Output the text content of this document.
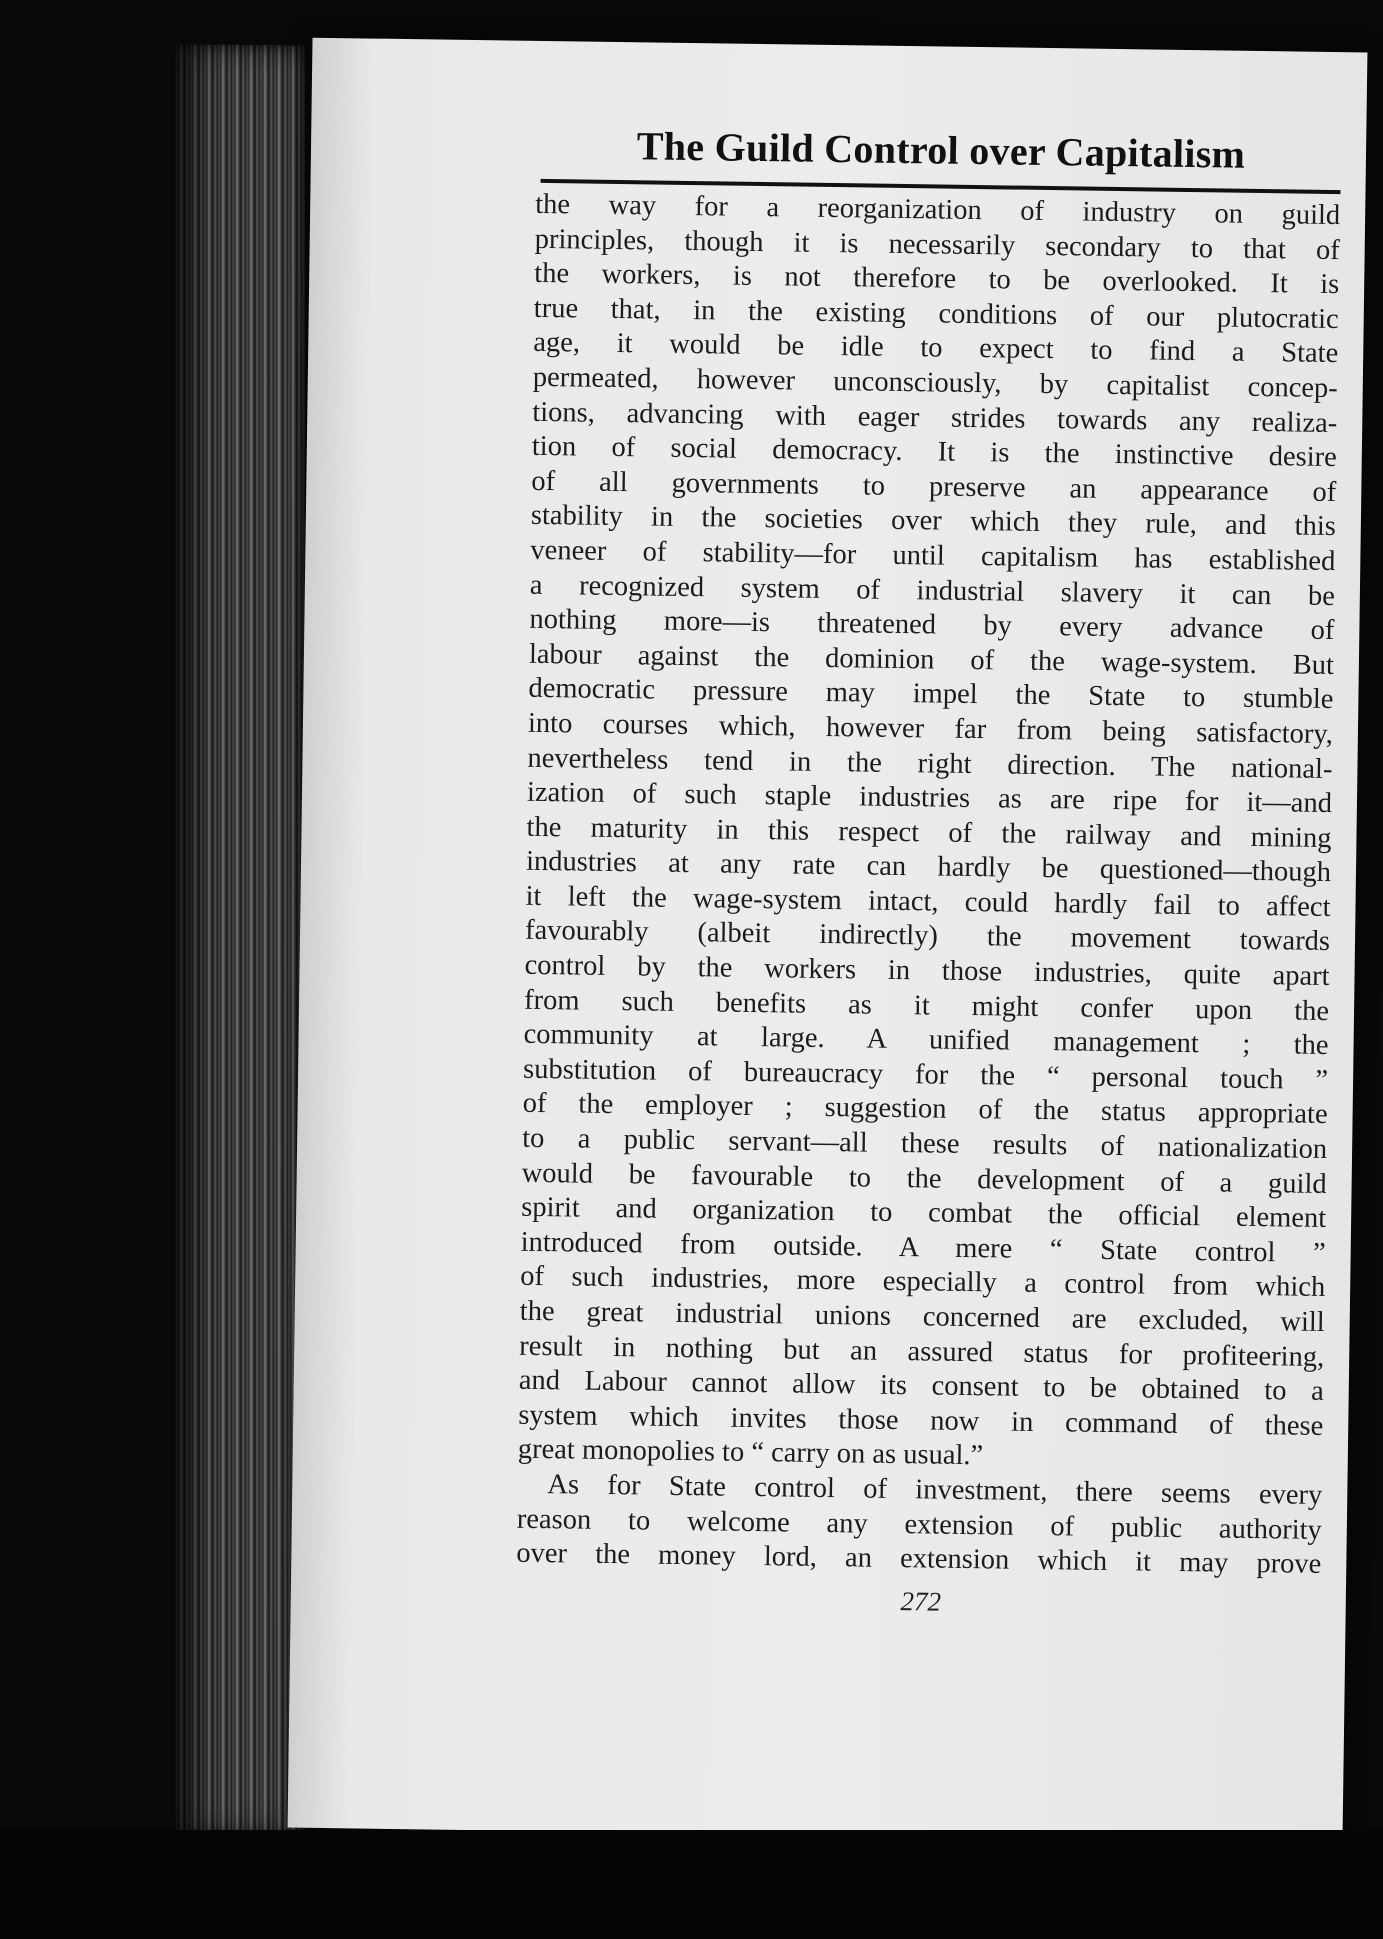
The Guild Control over Capitalism
the way for a reorganization of industry on guild
principles, though it is necessarily secondary to that of
the workers, is not therefore to be overlooked. It is
true that, in the existing conditions of our plutocratic
age, it would be idle to expect to find a State
permeated, however unconsciously, by capitalist concep-
tions, advancing with eager strides towards any realiza-
tion of social democracy. It is the instinctive desire
of all governments to preserve an appearance of
stability in the societies over which they rule, and this
veneer of stability—for until capitalism has established
a recognized system of industrial slavery it can be
nothing more—is threatened by every advance of
labour against the dominion of the wage-system. But
democratic pressure may impel the State to stumble
into courses which, however far from being satisfactory,
nevertheless tend in the right direction. The national-
ization of such staple industries as are ripe for it—and
the maturity in this respect of the railway and mining
industries at any rate can hardly be questioned—though
it left the wage-system intact, could hardly fail to affect
favourably (albeit indirectly) the movement towards
control by the workers in those industries, quite apart
from such benefits as it might confer upon the
community at large. A unified management ; the
substitution of bureaucracy for the “ personal touch ”
of the employer ; suggestion of the status appropriate
to a public servant—all these results of nationalization
would be favourable to the development of a guild
spirit and organization to combat the official element
introduced from outside. A mere “ State control ”
of such industries, more especially a control from which
the great industrial unions concerned are excluded, will
result in nothing but an assured status for profiteering,
and Labour cannot allow its consent to be obtained to a
system which invites those now in command of these
great monopolies to “ carry on as usual.”
As for State control of investment, there seems every
reason to welcome any extension of public authority
over the money lord, an extension which it may prove
272
